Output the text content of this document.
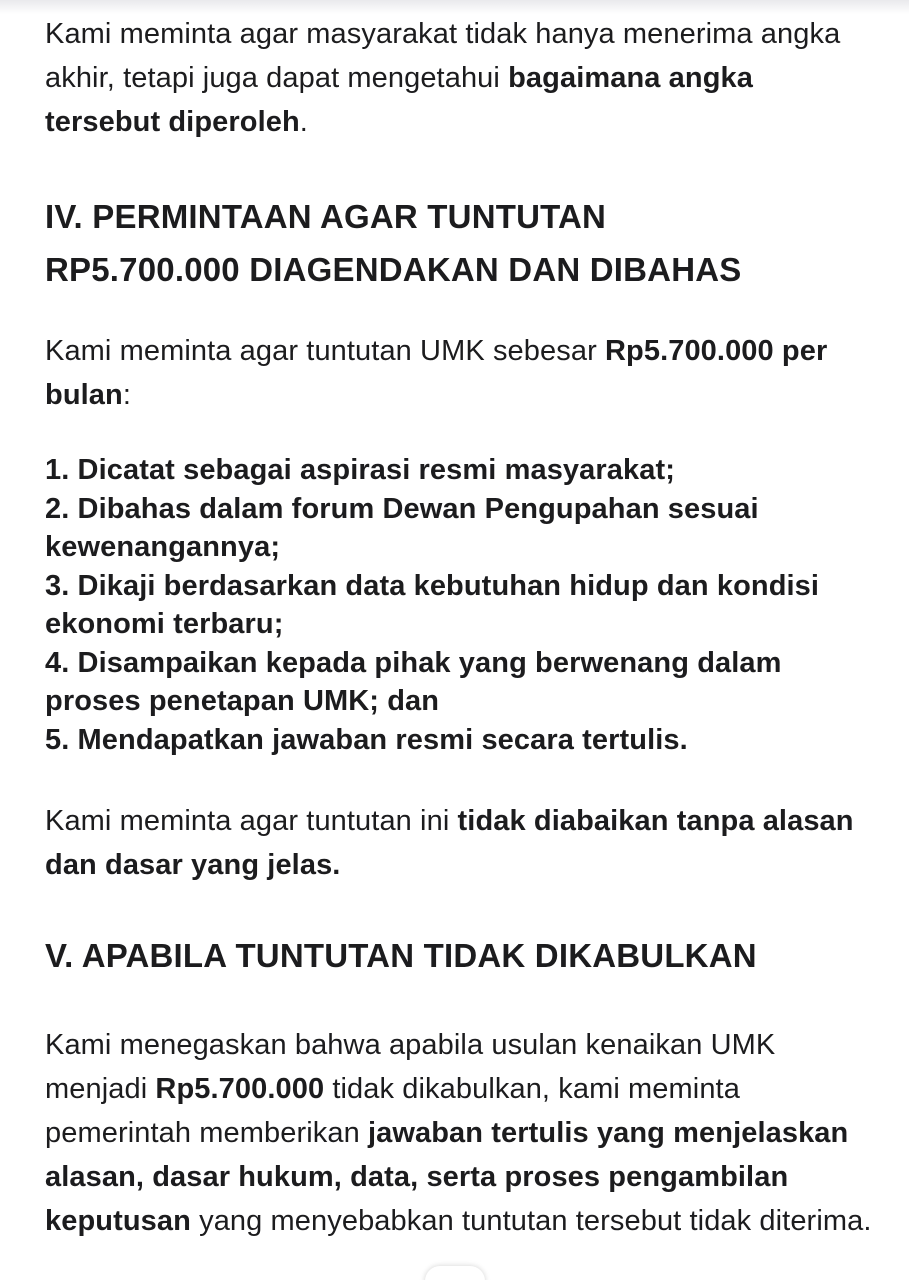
Kami meminta agar masyarakat tidak hanya menerima angka akhir, tetapi juga dapat mengetahui bagaimana angka tersebut diperoleh.

IV. PERMINTAAN AGAR TUNTUTAN
RP5.700.000 DIAGENDAKAN DAN DIBAHAS

Kami meminta agar tuntutan UMK sebesar Rp5.700.000 per bulan:

1. Dicatat sebagai aspirasi resmi masyarakat;
2. Dibahas dalam forum Dewan Pengupahan sesuai kewenangannya;
3. Dikaji berdasarkan data kebutuhan hidup dan kondisi ekonomi terbaru;
4. Disampaikan kepada pihak yang berwenang dalam proses penetapan UMK; dan
5. Mendapatkan jawaban resmi secara tertulis.

Kami meminta agar tuntutan ini tidak diabaikan tanpa alasan dan dasar yang jelas.

V. APABILA TUNTUTAN TIDAK DIKABULKAN

Kami menegaskan bahwa apabila usulan kenaikan UMK menjadi Rp5.700.000 tidak dikabulkan, kami meminta pemerintah memberikan jawaban tertulis yang menjelaskan alasan, dasar hukum, data, serta proses pengambilan keputusan yang menyebabkan tuntutan tersebut tidak diterima.
